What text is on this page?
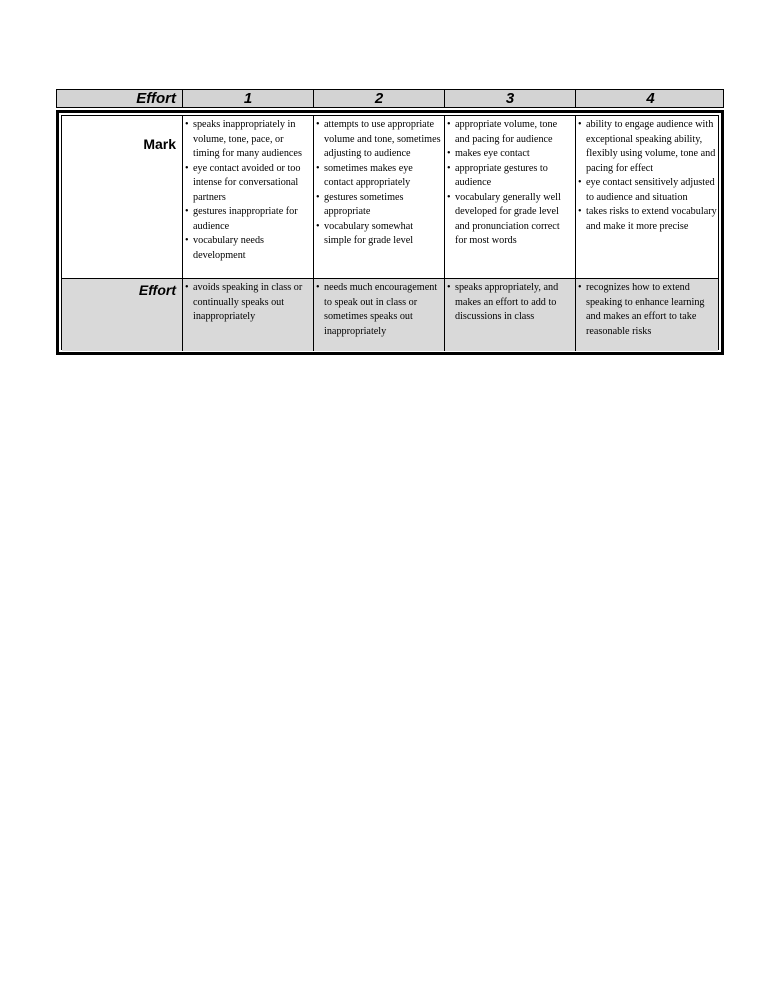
Effort	1	2	3	4
Mark
• speaks inappropriately in volume, tone, pace, or timing for many audiences
• eye contact avoided or too intense for conversational partners
• gestures inappropriate for audience
• vocabulary needs development
• attempts to use appropriate volume and tone, sometimes adjusting to audience
• sometimes makes eye contact appropriately
• gestures sometimes appropriate
• vocabulary somewhat simple for grade level
• appropriate volume, tone and pacing for audience
• makes eye contact
• appropriate gestures to audience
• vocabulary generally well developed for grade level and pronunciation correct for most words
• ability to engage audience with exceptional speaking ability, flexibly using volume, tone and pacing for effect
• eye contact sensitively adjusted to audience and situation
• takes risks to extend vocabulary and make it more precise
Effort
•	avoids speaking in class or continually speaks out inappropriately
• needs much encouragement to speak out in class or sometimes speaks out inappropriately
• speaks appropriately, and makes an effort to add to discussions in class
• recognizes how to extend speaking to enhance learning and makes an effort to take reasonable risks
